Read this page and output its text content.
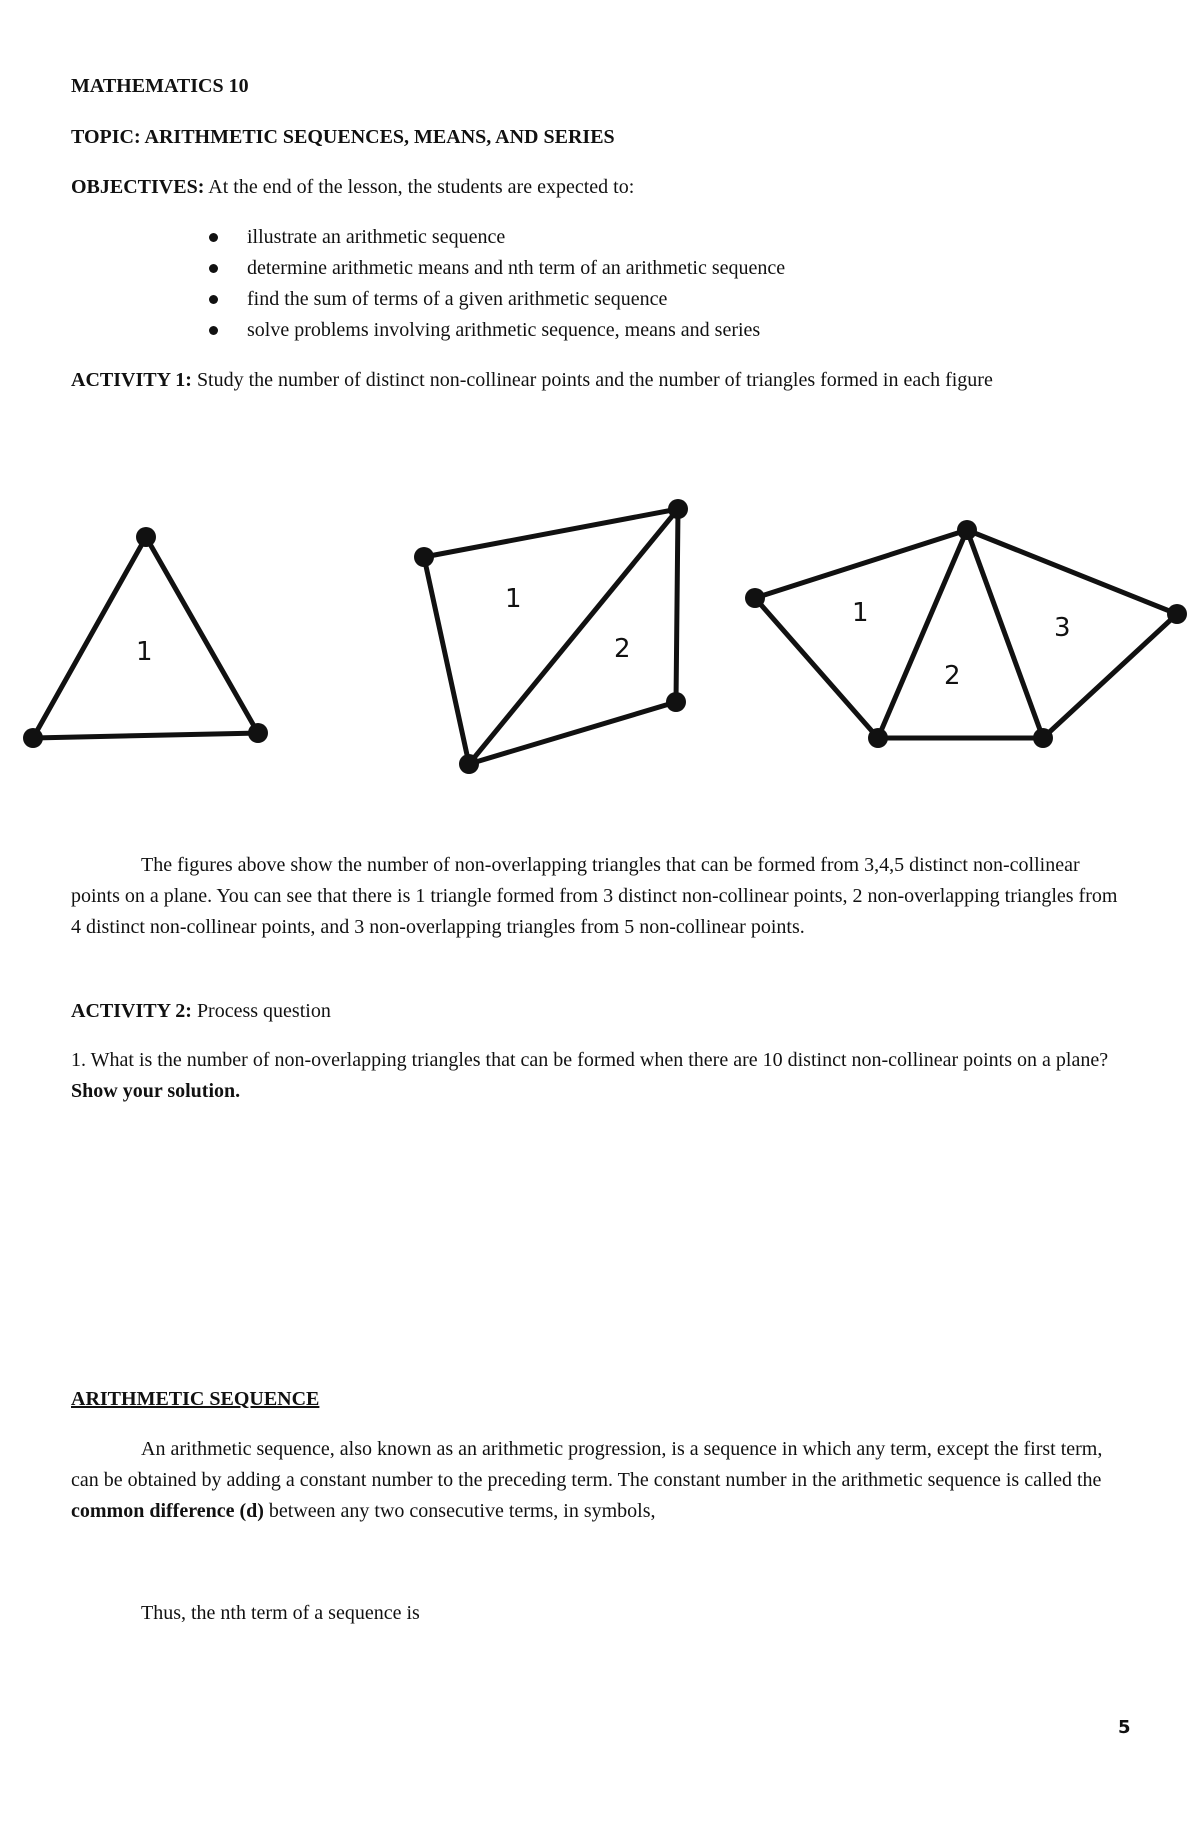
MATHEMATICS 10
TOPIC: ARITHMETIC SEQUENCES, MEANS, AND SERIES
OBJECTIVES: At the end of the lesson, the students are expected to:
illustrate an arithmetic sequence
determine arithmetic means and nth term of an arithmetic sequence
find the sum of terms of a given arithmetic sequence
solve problems involving arithmetic sequence, means and series
ACTIVITY 1: Study the number of distinct non-collinear points and the number of triangles formed in each figure
1
1
2
1
2
3
The figures above show the number of non-overlapping triangles that can be formed from 3,4,5 distinct non-collinear points on a plane. You can see that there is 1 triangle formed from 3 distinct non-collinear points, 2 non-overlapping triangles from 4 distinct non-collinear points, and 3 non-overlapping triangles from 5 non-collinear points.
ACTIVITY 2: Process question
1. What is the number of non-overlapping triangles that can be formed when there are 10 distinct non-collinear points on a plane? Show your solution.
ARITHMETIC SEQUENCE
An arithmetic sequence, also known as an arithmetic progression, is a sequence in which any term, except the first term, can be obtained by adding a constant number to the preceding term. The constant number in the arithmetic sequence is called the common difference (d) between any two consecutive terms, in symbols,
Thus, the nth term of a sequence is
5
